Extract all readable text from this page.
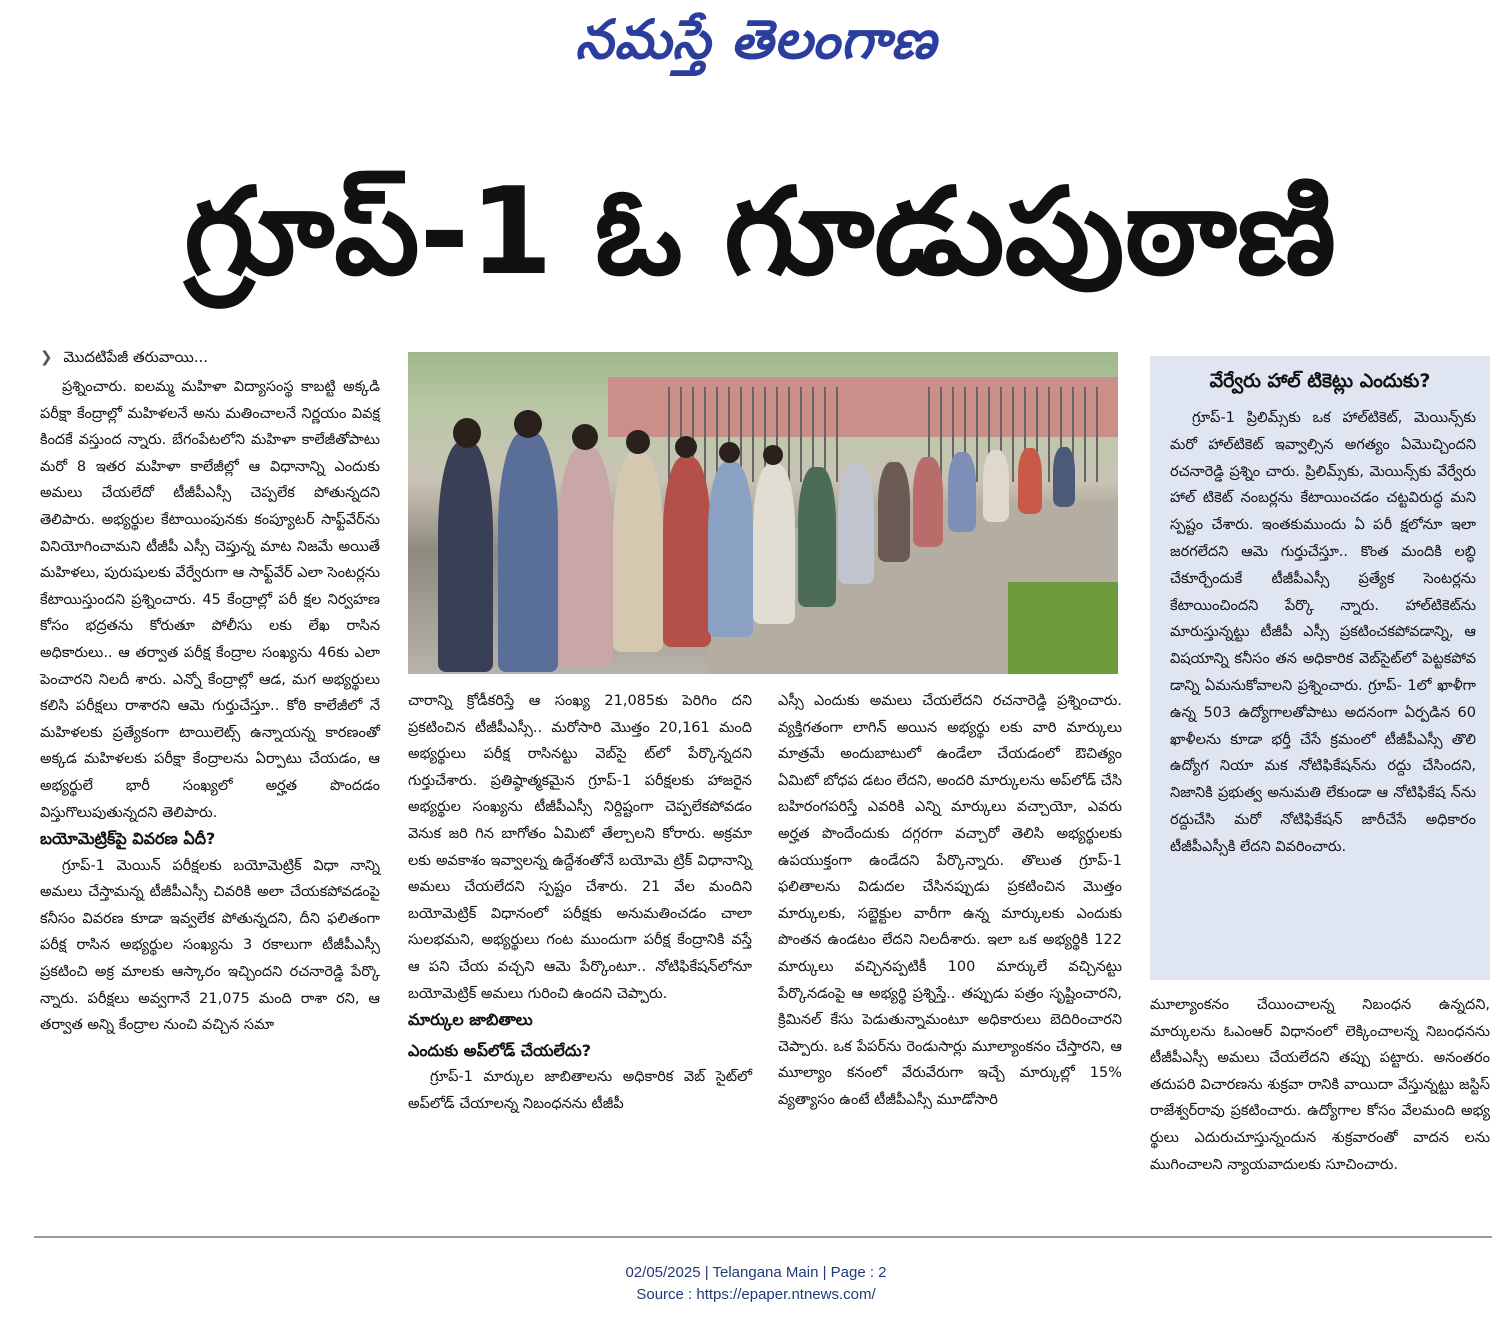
నమస్తే తెలంగాణ
గ్రూప్‌-1 ఓ గూడుపుఠాణి
❯ మొదటిపేజీ తరువాయి...

ప్రశ్నించారు. ఐలమ్మ మహిళా విద్యాసంస్థ కాబట్టి అక్కడి పరీక్షా కేంద్రాల్లో మహిళలనే అను మతించాలనే నిర్ణయం వివక్ష కిందకే వస్తుంద న్నారు. బేగంపేటలోని మహిళా కాలేజీతోపాటు మరో 8 ఇతర మహిళా కాలేజీల్లో ఆ విధానాన్ని ఎందుకు అమలు చేయలేదో టీజీపీఎస్సీ చెప్పలేక పోతున్నదని తెలిపారు. అభ్యర్థుల కేటాయింపునకు కంప్యూటర్‌ సాఫ్ట్‌వేర్‌ను వినియోగించామని టీజీపీ ఎస్సీ చెప్తున్న మాట నిజమే అయితే మహిళలు, పురుషులకు వేర్వేరుగా ఆ సాఫ్ట్‌వేర్‌ ఎలా సెంటర్లను కేటాయిస్తుందని ప్రశ్నించారు. 45 కేంద్రాల్లో పరీ క్షల నిర్వహణ కోసం భద్రతను కోరుతూ పోలీసు లకు లేఖ రాసిన అధికారులు.. ఆ తర్వాత పరీక్ష కేంద్రాల సంఖ్యను 46కు ఎలా పెంచారని నిలదీ శారు. ఎన్నో కేంద్రాల్లో ఆడ, మగ అభ్యర్థులు కలిసి పరీక్షలు రాశారని ఆమె గుర్తుచేస్తూ.. కోఠి కాలేజీలో నే మహిళలకు ప్రత్యేకంగా టాయిలెట్స్‌ ఉన్నాయన్న కారణంతో అక్కడ మహిళలకు పరీక్షా కేంద్రాలను ఏర్పాటు చేయడం, ఆ అభ్యర్థులే భారీ సంఖ్యలో అర్హత పొందడం విస్తుగొలుపుతున్నదని తెలిపారు.

బయోమెట్రిక్‌పై వివరణ ఏదీ?

గ్రూప్‌-1 మెయిన్‌ పరీక్షలకు బయోమెట్రిక్‌ విధా నాన్ని అమలు చేస్తామన్న టీజీపీఎస్సీ చివరికి అలా చేయకపోవడంపై కనీసం వివరణ కూడా ఇవ్వలేక పోతున్నదని, దీని ఫలితంగా పరీక్ష రాసిన అభ్యర్థుల సంఖ్యను 3 రకాలుగా టీజీపీఎస్సీ ప్రకటించి అక్ర మాలకు ఆస్కారం ఇచ్చిందని రచనారెడ్డి పేర్కొ న్నారు. పరీక్షలు అవ్వగానే 21,075 మంది రాశా రని, ఆ తర్వాత అన్ని కేంద్రాల నుంచి వచ్చిన సమా

చారాన్ని క్రోడీకరిస్తే ఆ సంఖ్య 21,085కు పెరిగిం దని ప్రకటించిన టీజీపీఎస్సీ.. మరోసారి మొత్తం 20,161 మంది అభ్యర్థులు పరీక్ష రాసినట్టు వెబ్‌సై ట్‌లో పేర్కొన్నదని గుర్తుచేశారు. ప్రతిష్ఠాత్మకమైన గ్రూప్‌-1 పరీక్షలకు హాజరైన అభ్యర్థుల సంఖ్యను టీజీపీఎస్సీ నిర్దిష్టంగా చెప్పలేకపోవడం వెనుక జరి గిన బాగోతం ఏమిటో తేల్చాలని కోరారు. అక్రమా లకు అవకాశం ఇవ్వాలన్న ఉద్దేశంతోనే బయోమె ట్రిక్‌ విధానాన్ని అమలు చేయలేదని స్పష్టం చేశారు. 21 వేల మందిని బయోమెట్రిక్‌ విధానంలో పరీక్షకు అనుమతించడం చాలా సులభమని, అభ్యర్థులు గంట ముందుగా పరీక్ష కేంద్రానికి వస్తే ఆ పని చేయ వచ్చని ఆమె పేర్కొంటూ.. నోటిఫికేషన్‌లోనూ బయోమెట్రిక్‌ అమలు గురించి ఉందని చెప్పారు.

మార్కుల జాబితాలు

ఎందుకు అప్‌లోడ్‌ చేయలేదు?

గ్రూప్‌-1 మార్కుల జాబితాలను అధికారిక వెబ్‌ సైట్‌లో అప్‌లోడ్‌ చేయాలన్న నిబంధనను టీజీపీ

ఎస్సీ ఎందుకు అమలు చేయలేదని రచనారెడ్డి ప్రశ్నించారు. వ్యక్తిగతంగా లాగిన్‌ అయిన అభ్యర్థు లకు వారి మార్కులు మాత్రమే అందుబాటులో ఉండేలా చేయడంలో ఔచిత్యం ఏమిటో బోధప డటం లేదని, అందరి మార్కులను అప్‌లోడ్‌ చేసి బహిరంగపరిస్తే ఎవరికి ఎన్ని మార్కులు వచ్చాయో, ఎవరు అర్హత పొందేందుకు దగ్గరగా వచ్చారో తెలిసి అభ్యర్థులకు ఉపయుక్తంగా ఉండేదని పేర్కొన్నారు. తొలుత గ్రూప్‌-1 ఫలితాలను విడుదల చేసినప్పుడు ప్రకటించిన మొత్తం మార్కులకు, సబ్జెక్టుల వారీగా ఉన్న మార్కులకు ఎందుకు పొంతన ఉండటం లేదని నిలదీశారు. ఇలా ఒక అభ్యర్థికి 122 మార్కులు వచ్చినప్పటికీ 100 మార్కులే వచ్చినట్టు పేర్కొనడంపై ఆ అభ్యర్థి ప్రశ్నిస్తే.. తప్పుడు పత్రం సృష్టించారని, క్రిమినల్‌ కేసు పెడుతున్నామంటూ అధికారులు బెదిరించారని చెప్పారు. ఒక పేపర్‌ను రెండుసార్లు మూల్యాంకనం చేస్తారని, ఆ మూల్యాం కనంలో వేరువేరుగా ఇచ్చే మార్కుల్లో 15% వ్యత్యాసం ఉంటే టీజీపీఎస్సీ మూడోసారి

వేర్వేరు హాల్‌ టికెట్లు ఎందుకు?
గ్రూప్‌-1 ప్రిలిమ్స్‌కు ఒక హాల్‌టికెట్‌, మెయిన్స్‌కు మరో హాల్‌టికెట్‌ ఇవ్వాల్సిన అగత్యం ఏమొచ్చిందని రచనారెడ్డి ప్రశ్నిం చారు. ప్రిలిమ్స్‌కు, మెయిన్స్‌కు వేర్వేరు హాల్‌ టికెట్‌ నంబర్లను కేటాయించడం చట్టవిరుద్ధ మని స్పష్టం చేశారు. ఇంతకుముందు ఏ పరీ క్షలోనూ ఇలా జరగలేదని ఆమె గుర్తుచేస్తూ.. కొంత మందికి లబ్ధి చేకూర్చేందుకే టీజీపీఎస్సీ ప్రత్యేక సెంటర్లను కేటాయించిందని పేర్కొ న్నారు. హాల్‌టికెట్‌ను మారుస్తున్నట్టు టీజీపీ ఎస్సీ ప్రకటించకపోవడాన్ని, ఆ విషయాన్ని కనీసం తన అధికారిక వెబ్‌సైట్‌లో పెట్టకపోవ డాన్ని ఏమనుకోవాలని ప్రశ్నించారు. గ్రూప్‌- 1లో ఖాళీగా ఉన్న 503 ఉద్యోగాలతోపాటు అదనంగా ఏర్పడిన 60 ఖాళీలను కూడా భర్తీ చేసే క్రమంలో టీజీపీఎస్సీ తొలి ఉద్యోగ నియా మక నోటిఫికేషన్‌ను రద్దు చేసిందని, నిజానికి ప్రభుత్వ అనుమతి లేకుండా ఆ నోటిఫికేష న్‌ను రద్దుచేసి మరో నోటిఫికేషన్‌ జారీచేసే అధికారం టీజీపీఎస్సీకి లేదని వివరించారు.

మూల్యాంకనం చేయించాలన్న నిబంధన ఉన్నదని, మార్కులను ఓఎంఆర్‌ విధానంలో లెక్కించాలన్న నిబంధనను టీజీపీఎస్సీ అమలు చేయలేదని తప్పు పట్టారు. అనంతరం తదుపరి విచారణను శుక్రవా రానికి వాయిదా వేస్తున్నట్టు జస్టిస్‌ రాజేశ్వర్‌రావు ప్రకటించారు. ఉద్యోగాల కోసం వేలమంది అభ్య ర్థులు ఎదురుచూస్తున్నందున శుక్రవారంతో వాదన లను ముగించాలని న్యాయవాదులకు సూచించారు.

02/05/2025 | Telangana Main | Page : 2
Source : https://epaper.ntnews.com/
